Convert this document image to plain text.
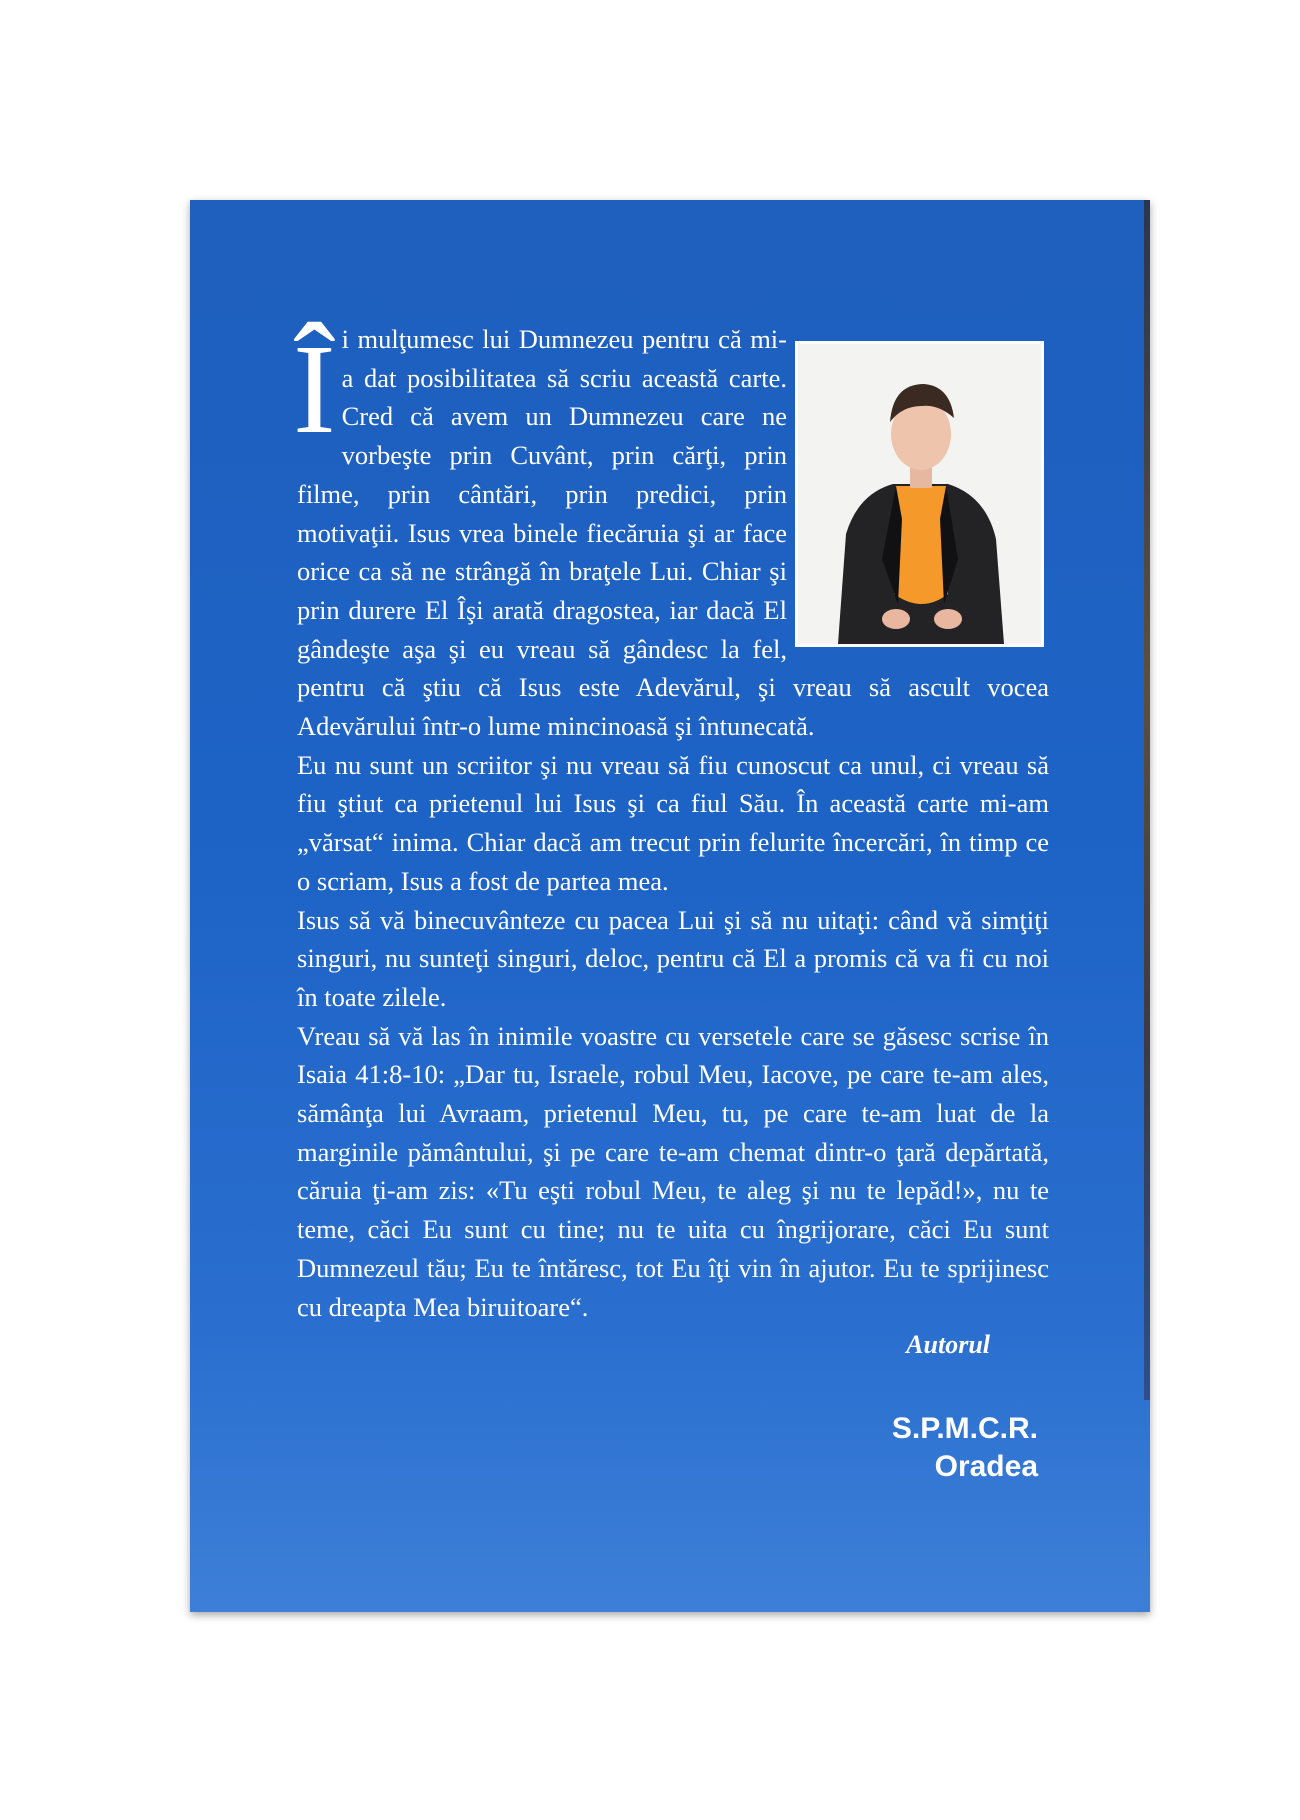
Î i mulţumesc lui Dumnezeu pentru că mi-a dat posibilitatea să scriu această carte. Cred că avem un Dumnezeu care ne vorbeşte prin Cuvânt, prin cărţi, prin filme, prin cântări, prin predici, prin motivaţii. Isus vrea binele fiecăruia şi ar face orice ca să ne strângă în braţele Lui. Chiar şi prin durere El Îşi arată dragostea, iar dacă El gândeşte aşa şi eu vreau să gândesc la fel, pentru că ştiu că Isus este Adevărul, şi vreau să ascult vocea Adevărului într-o lume mincinoasă şi întunecată.

Eu nu sunt un scriitor şi nu vreau să fiu cunoscut ca unul, ci vreau să fiu ştiut ca prietenul lui Isus şi ca fiul Său. În această carte mi-am „vărsat“ inima. Chiar dacă am trecut prin felurite încercări, în timp ce o scriam, Isus a fost de partea mea.

Isus să vă binecuvânteze cu pacea Lui şi să nu uitaţi: când vă simţiţi singuri, nu sunteţi singuri, deloc, pentru că El a promis că va fi cu noi în toate zilele.

Vreau să vă las în inimile voastre cu versetele care se găsesc scrise în Isaia 41:8-10: „Dar tu, Israele, robul Meu, Iacove, pe care te-am ales, sămânţa lui Avraam, prietenul Meu, tu, pe care te-am luat de la marginile pământului, şi pe care te-am chemat dintr-o ţară depărtată, căruia ţi-am zis: «Tu eşti robul Meu, te aleg şi nu te lepăd!», nu te teme, căci Eu sunt cu tine; nu te uita cu îngrijorare, căci Eu sunt Dumnezeul tău; Eu te întăresc, tot Eu îţi vin în ajutor. Eu te sprijinesc cu dreapta Mea biruitoare“.

Autorul
S.P.M.C.R.
Oradea
